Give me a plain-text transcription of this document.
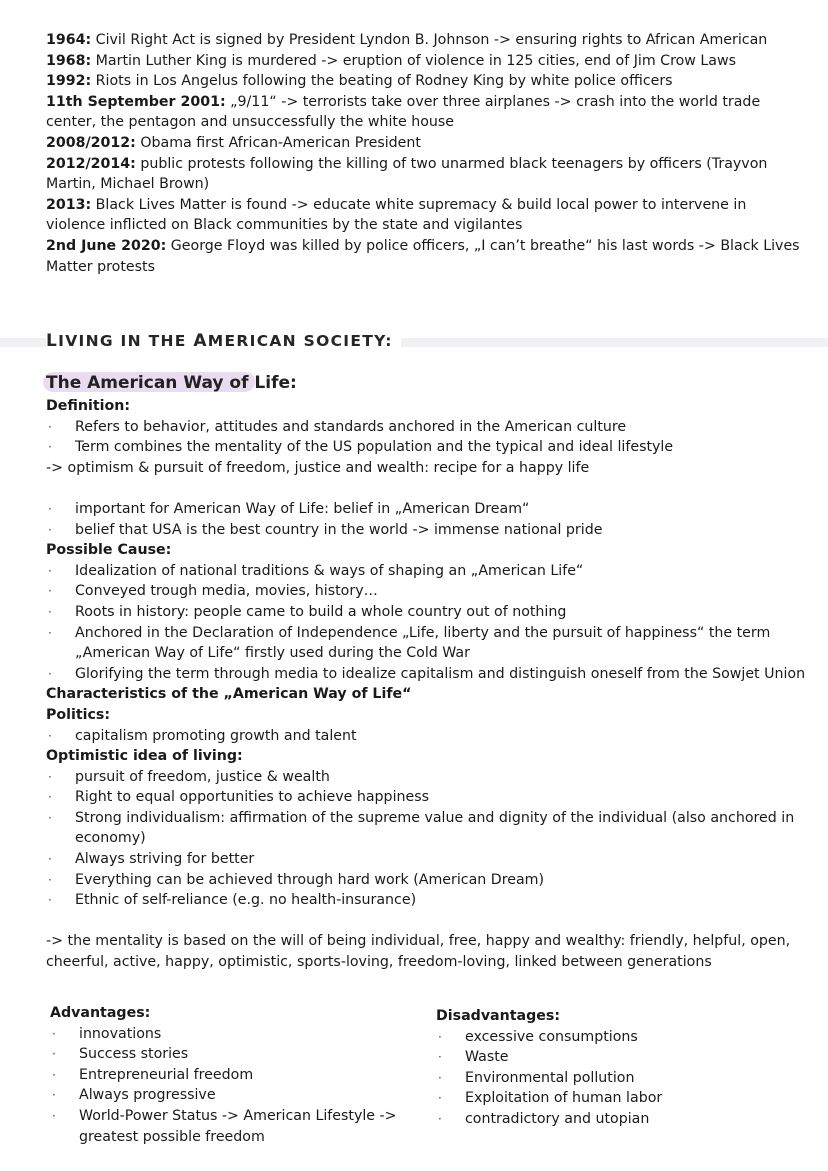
1964: Civil Right Act is signed by President Lyndon B. Johnson -> ensuring rights to African American

1968: Martin Luther King is murdered -> eruption of violence in 125 cities, end of Jim Crow Laws

1992: Riots in Los Angelus following the beating of Rodney King by white police officers

11th September 2001: „9/11“ -> terrorists take over three airplanes -> crash into the world trade center, the pentagon and unsuccessfully the white house

2008/2012: Obama first African-American President

2012/2014: public protests following the killing of two unarmed black teenagers by officers (Trayvon Martin, Michael Brown)

2013: Black Lives Matter is found -> educate white supremacy & build local power to intervene in violence inflicted on Black communities by the state and vigilantes

2nd June 2020: George Floyd was killed by police officers, „I can’t breathe“ his last words -> Black Lives Matter protests

LIVING IN THE AMERICAN SOCIETY:
The American Way of Life:

Definition:

· Refers to behavior, attitudes and standards anchored in the American culture
· Term combines the mentality of the US population and the typical and ideal lifestyle

-> optimism & pursuit of freedom, justice and wealth: recipe for a happy life

· important for American Way of Life: belief in „American Dream“
· belief that USA is the best country in the world -> immense national pride

Possible Cause:

· Idealization of national traditions & ways of shaping an „American Life“
· Conveyed trough media, movies, history…
· Roots in history: people came to build a whole country out of nothing
· Anchored in the Declaration of Independence „Life, liberty and the pursuit of happiness“ the term „American Way of Life“ firstly used during the Cold War
· Glorifying the term through media to idealize capitalism and distinguish oneself from the Sowjet Union

Characteristics of the „American Way of Life“

Politics:

· capitalism promoting growth and talent

Optimistic idea of living:

· pursuit of freedom, justice & wealth
· Right to equal opportunities to achieve happiness
· Strong individualism: affirmation of the supreme value and dignity of the individual (also anchored in economy)
· Always striving for better
· Everything can be achieved through hard work (American Dream)
· Ethnic of self-reliance (e.g. no health-insurance)

-> the mentality is based on the will of being individual, free, happy and wealthy: friendly, helpful, open, cheerful, active, happy, optimistic, sports-loving, freedom-loving, linked between generations

Advantages:

· innovations
· Success stories
· Entrepreneurial freedom
· Always progressive
· World-Power Status -> American Lifestyle -> greatest possible freedom

Disadvantages:

· excessive consumptions
· Waste
· Environmental pollution
· Exploitation of human labor
· contradictory and utopian
